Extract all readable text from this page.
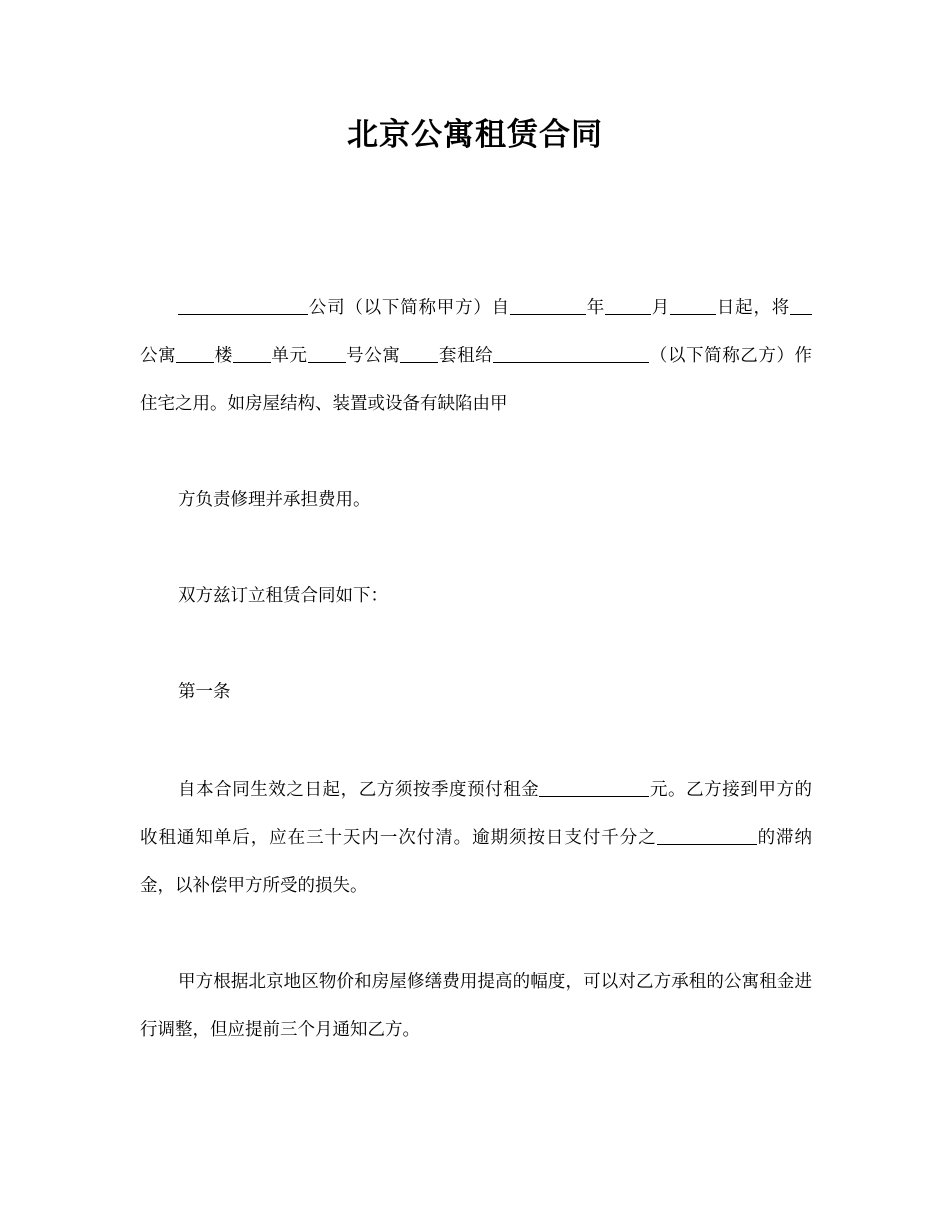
北京公寓租赁合同

公司（以下简称甲方）自	年	月	日起，将公寓 楼 单元 号公寓 套租给	（以下简称乙方）作住宅之用。如房屋结构、装置或设备有缺陷由甲

方负责修理并承担费用。

双方兹订立租赁合同如下：

第一条

自本合同生效之日起，乙方须按季度预付租金	元。乙方接到甲方的收租通知单后，应在三十天内一次付清。逾期须按日支付千分之	的滞纳金，以补偿甲方所受的损失。

甲方根据北京地区物价和房屋修缮费用提高的幅度，可以对乙方承租的公寓租金进行调整，但应提前三个月通知乙方。
